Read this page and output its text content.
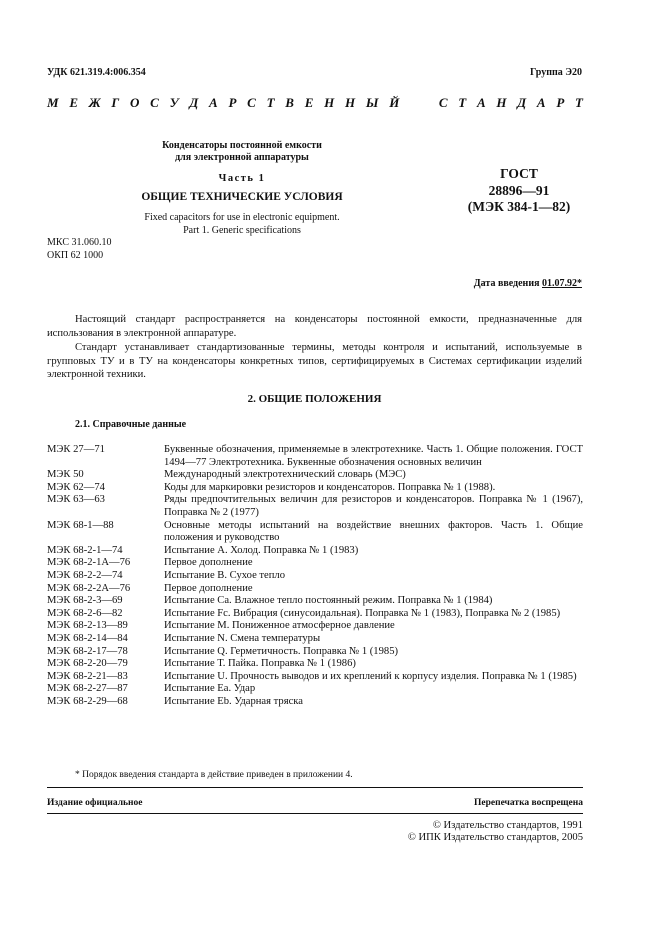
УДК 621.319.4:006.354	Группа Э20
М Е Ж Г О С У Д А Р С Т В Е Н Н Ы Й	С Т А Н Д А Р Т
Конденсаторы постоянной емкости
для электронной аппаратуры
Часть 1
ОБЩИЕ ТЕХНИЧЕСКИЕ УСЛОВИЯ
Fixed capacitors for use in electronic equipment.
Part 1. Generic specifications
ГОСТ
28896—91
(МЭК 384-1—82)
МКС 31.060.10
ОКП 62 1000
Дата введения 01.07.92*
Настоящий стандарт распространяется на конденсаторы постоянной емкости, предназначенные для использования в электронной аппаратуре.
Стандарт устанавливает стандартизованные термины, методы контроля и испытаний, используемые в групповых ТУ и в ТУ на конденсаторы конкретных типов, сертифицируемых в Системах сертификации изделий электронной техники.
2. ОБЩИЕ ПОЛОЖЕНИЯ
2.1. Справочные данные
МЭК 27—71	Буквенные обозначения, применяемые в электротехнике. Часть 1. Общие положения. ГОСТ 1494—77 Электротехника. Буквенные обозначения основных величин
МЭК 50	Международный электротехнический словарь (МЭС)
МЭК 62—74	Коды для маркировки резисторов и конденсаторов. Поправка № 1 (1988).
МЭК 63—63	Ряды предпочтительных величин для резисторов и конденсаторов. Поправка № 1 (1967), Поправка № 2 (1977)
МЭК 68-1—88	Основные методы испытаний на воздействие внешних факторов. Часть 1. Общие положения и руководство
МЭК 68-2-1—74	Испытание А. Холод. Поправка № 1 (1983)
МЭК 68-2-1А—76	Первое дополнение
МЭК 68-2-2—74	Испытание В. Сухое тепло
МЭК 68-2-2А—76	Первое дополнение
МЭК 68-2-3—69	Испытание Са. Влажное тепло постоянный режим. Поправка № 1 (1984)
МЭК 68-2-6—82	Испытание Fc. Вибрация (синусоидальная). Поправка № 1 (1983), Поправка № 2 (1985)
МЭК 68-2-13—89	Испытание М. Пониженное атмосферное давление
МЭК 68-2-14—84	Испытание N. Смена температуры
МЭК 68-2-17—78	Испытание Q. Герметичность. Поправка № 1 (1985)
МЭК 68-2-20—79	Испытание Т. Пайка. Поправка № 1 (1986)
МЭК 68-2-21—83	Испытание U. Прочность выводов и их креплений к корпусу изделия. Поправка № 1 (1985)
МЭК 68-2-27—87	Испытание Еа. Удар
МЭК 68-2-29—68	Испытание Eb. Ударная тряска
* Порядок введения стандарта в действие приведен в приложении 4.
Издание официальное	Перепечатка воспрещена
© Издательство стандартов, 1991
© ИПК Издательство стандартов, 2005
